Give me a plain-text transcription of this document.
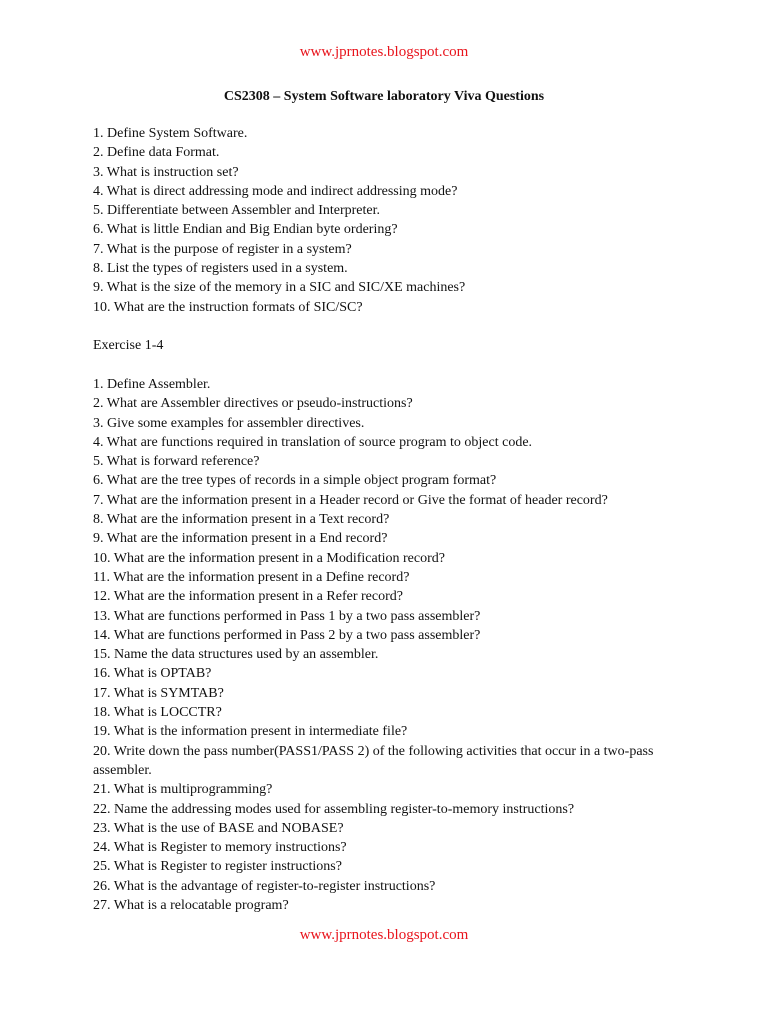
www.jprnotes.blogspot.com
CS2308 – System Software laboratory Viva Questions
1. Define System Software.
2. Define data Format.
3. What is instruction set?
4. What is direct addressing mode and indirect addressing mode?
5. Differentiate between Assembler and Interpreter.
6. What is little Endian and Big Endian byte ordering?
7. What is the purpose of register in a system?
8. List the types of registers used in a system.
9. What is the size of the memory in a SIC and SIC/XE machines?
10. What are the instruction formats of SIC/SC?
Exercise 1-4
1. Define Assembler.
2. What are Assembler directives or pseudo-instructions?
3. Give some examples for assembler directives.
4. What are functions required in translation of source program to object code.
5. What is forward reference?
6. What are the tree types of records in a simple object program format?
7. What are the information present in a Header record or Give the format of header record?
8. What are the information present in a Text record?
9. What are the information present in a End record?
10. What are the information present in a Modification record?
11. What are the information present in a Define record?
12. What are the information present in a Refer record?
13. What are functions performed in Pass 1 by a two pass assembler?
14. What are functions performed in Pass 2 by a two pass assembler?
15. Name the data structures used by an assembler.
16. What is OPTAB?
17. What is SYMTAB?
18. What is LOCCTR?
19. What is the information present in intermediate file?
20. Write down the pass number(PASS1/PASS 2) of the following activities that occur in a two-pass assembler.
21. What is multiprogramming?
22. Name the addressing modes used for assembling register-to-memory instructions?
23. What is the use of BASE and NOBASE?
24. What is Register to memory instructions?
25. What is Register to register instructions?
26. What is the advantage of register-to-register instructions?
27. What is a relocatable program?
www.jprnotes.blogspot.com
